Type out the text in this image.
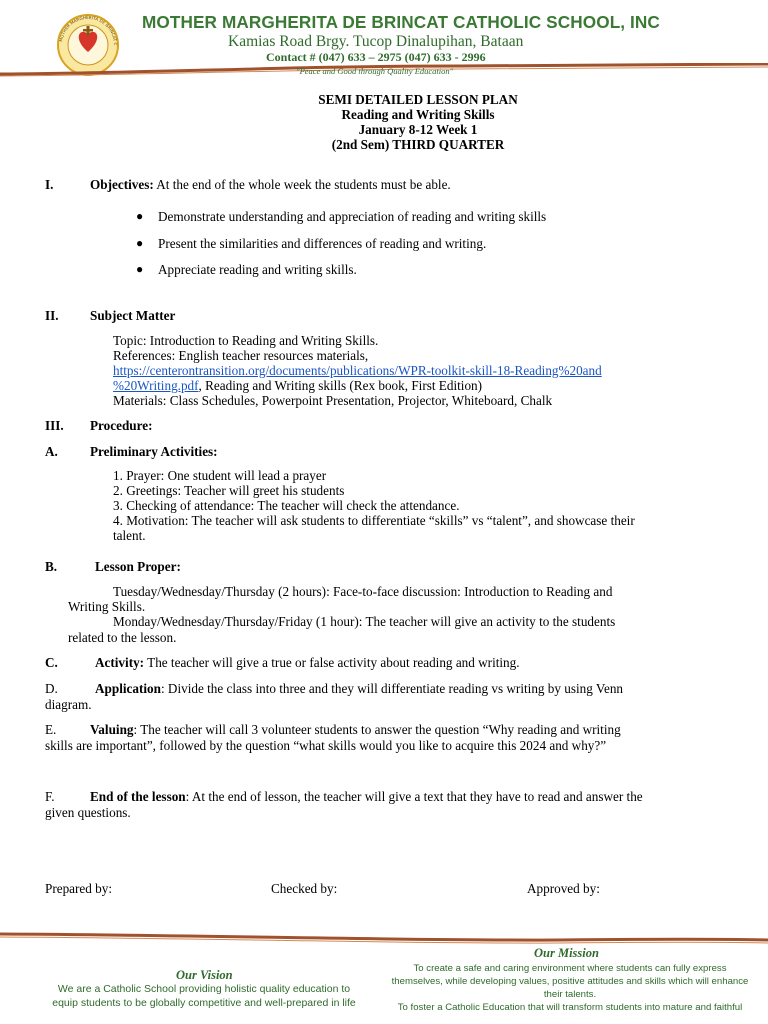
MOTHER MARGHERITA DE BRINCAT C
MOTHER MARGHERITA DE BRINCAT CATHOLIC SCHOOL, INC
Kamias Road Brgy. Tucop Dinalupihan, Bataan
Contact # (047) 633 – 2975 (047) 633 - 2996
"Peace and Good through Quality Education"
SEMI DETAILED LESSON PLAN
Reading and Writing Skills
January 8-12 Week 1
(2nd Sem) THIRD QUARTER
I.	Objectives: At the end of the whole week the students must be able.
● Demonstrate understanding and appreciation of reading and writing skills
● Present the similarities and differences of reading and writing.
● Appreciate reading and writing skills.
II. Subject Matter
Topic: Introduction to Reading and Writing Skills.
References: English teacher resources materials,
https://centerontransition.org/documents/publications/WPR-toolkit-skill-18-Reading%20and
%20Writing.pdf, Reading and Writing skills (Rex book, First Edition)
Materials: Class Schedules, Powerpoint Presentation, Projector, Whiteboard, Chalk
III. Procedure:
A. Preliminary Activities:
1. Prayer: One student will lead a prayer
2. Greetings: Teacher will greet his students
3. Checking of attendance: The teacher will check the attendance.
4. Motivation: The teacher will ask students to differentiate “skills” vs “talent”, and showcase their
talent.
B.	Lesson Proper:
Tuesday/Wednesday/Thursday (2 hours): Face-to-face discussion: Introduction to Reading and
Writing Skills.
Monday/Wednesday/Thursday/Friday (1 hour): The teacher will give an activity to the students
related to the lesson.
C.	Activity: The teacher will give a true or false activity about reading and writing.
D.	Application: Divide the class into three and they will differentiate reading vs writing by using Venn
diagram.
E.	Valuing: The teacher will call 3 volunteer students to answer the question “Why reading and writing
skills are important”, followed by the question “what skills would you like to acquire this 2024 and why?”
F.	End of the lesson: At the end of lesson, the teacher will give a text that they have to read and answer the
given questions.
Prepared by:	Checked by:	Approved by:
Our Mission
To create a safe and caring environment where students can fully express
themselves, while developing values, positive attitudes and skills which will enhance
their talents.
To foster a Catholic Education that will transform students into mature and faithful
Our Vision
We are a Catholic School providing holistic quality education to
equip students to be globally competitive and well-prepared in life
